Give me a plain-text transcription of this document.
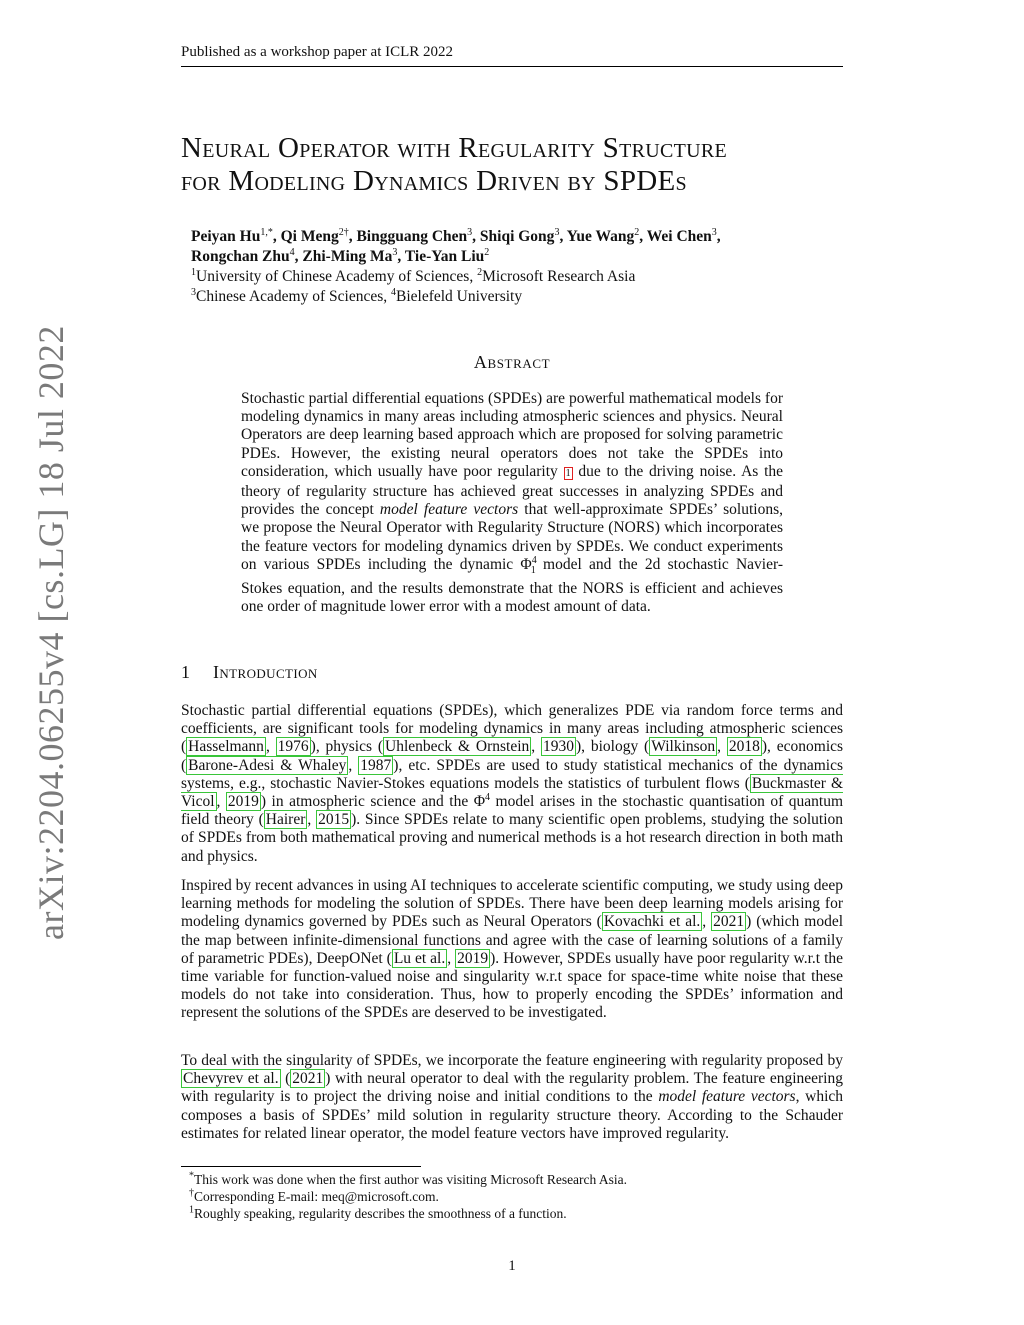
Published as a workshop paper at ICLR 2022
arXiv:2204.06255v4 [cs.LG] 18 Jul 2022
Neural Operator with Regularity Structure
for Modeling Dynamics Driven by SPDEs
Peiyan $Hu^{1,*}$, Qi Meng$^{2\dagger}$, Bingguang Chen$^3$, Shiqi Gong$^3$, Yue Wang$^2$, Wei Chen$^3$,
Rongchan Zhu$^4$, Zhi-Ming Ma$^3$, Tie-Yan Liu$^2$
$^1$University of Chinese Academy of Sciences, $^2$Microsoft Research Asia
$^3$Chinese Academy of Sciences, $^4$Bielefeld University
Abstract
Stochastic partial differential equations (SPDEs) are powerful mathematical models for modeling dynamics in many areas including atmospheric sciences and physics. Neural Operators are deep learning based approach which are proposed for solving parametric PDEs. However, the existing neural operators does not take the SPDEs into consideration, which usually have poor regularity 1 due to the driving noise. As the theory of regularity structure has achieved great successes in analyzing SPDEs and provides the concept model feature vectors that well-approximate SPDEs’ solutions, we propose the Neural Operator with Regularity Structure (NORS) which incorporates the feature vectors for modeling dynamics driven by SPDEs. We conduct experiments on various SPDEs including the dynamic $\Phi^4_1$ model and the 2d stochastic Navier-Stokes equation, and the results demonstrate that the NORS is efficient and achieves one order of magnitude lower error with a modest amount of data.
1 Introduction
Stochastic partial differential equations (SPDEs), which generalizes PDE via random force terms and coefficients, are significant tools for modeling dynamics in many areas including atmospheric sciences ( Hasselmann , 1976 ), physics ( Uhlenbeck & Ornstein , 1930 ), biology ( Wilkinson , 2018 ), economics ( Barone-Adesi & Whaley , 1987 ), etc. SPDEs are used to study statistical mechanics of the dynamics systems, e.g., stochastic Navier-Stokes equations models the statistics of turbulent flows ( Buckmaster & Vicol , 2019 ) in atmospheric science and the $\Phi^4$ model arises in the stochastic quantisation of quantum field theory ( Hairer , 2015 ). Since SPDEs relate to many scientific open problems, studying the solution of SPDEs from both mathematical proving and numerical methods is a hot research direction in both math and physics.
Inspired by recent advances in using AI techniques to accelerate scientific computing, we study using deep learning methods for modeling the solution of SPDEs. There have been deep learning models arising for modeling dynamics governed by PDEs such as Neural Operators ( Kovachki et al. , 2021 ) (which model the map between infinite-dimensional functions and agree with the case of learning solutions of a family of parametric PDEs), DeepONet ( Lu et al. , 2019 ). However, SPDEs usually have poor regularity w.r.t the time variable for function-valued noise and singularity w.r.t space for space-time white noise that these models do not take into consideration. Thus, how to properly encoding the SPDEs’ information and represent the solutions of the SPDEs are deserved to be investigated.
To deal with the singularity of SPDEs, we incorporate the feature engineering with regularity proposed by Chevyrev et al. ( 2021 ) with neural operator to deal with the regularity problem. The feature engineering with regularity is to project the driving noise and initial conditions to the model feature vectors, which composes a basis of SPDEs’ mild solution in regularity structure theory. According to the Schauder estimates for related linear operator, the model feature vectors have improved regularity.
*This work was done when the first author was visiting Microsoft Research Asia.
†Corresponding E-mail: meq@microsoft.com.
$^1$Roughly speaking, regularity describes the smoothness of a function.
1
